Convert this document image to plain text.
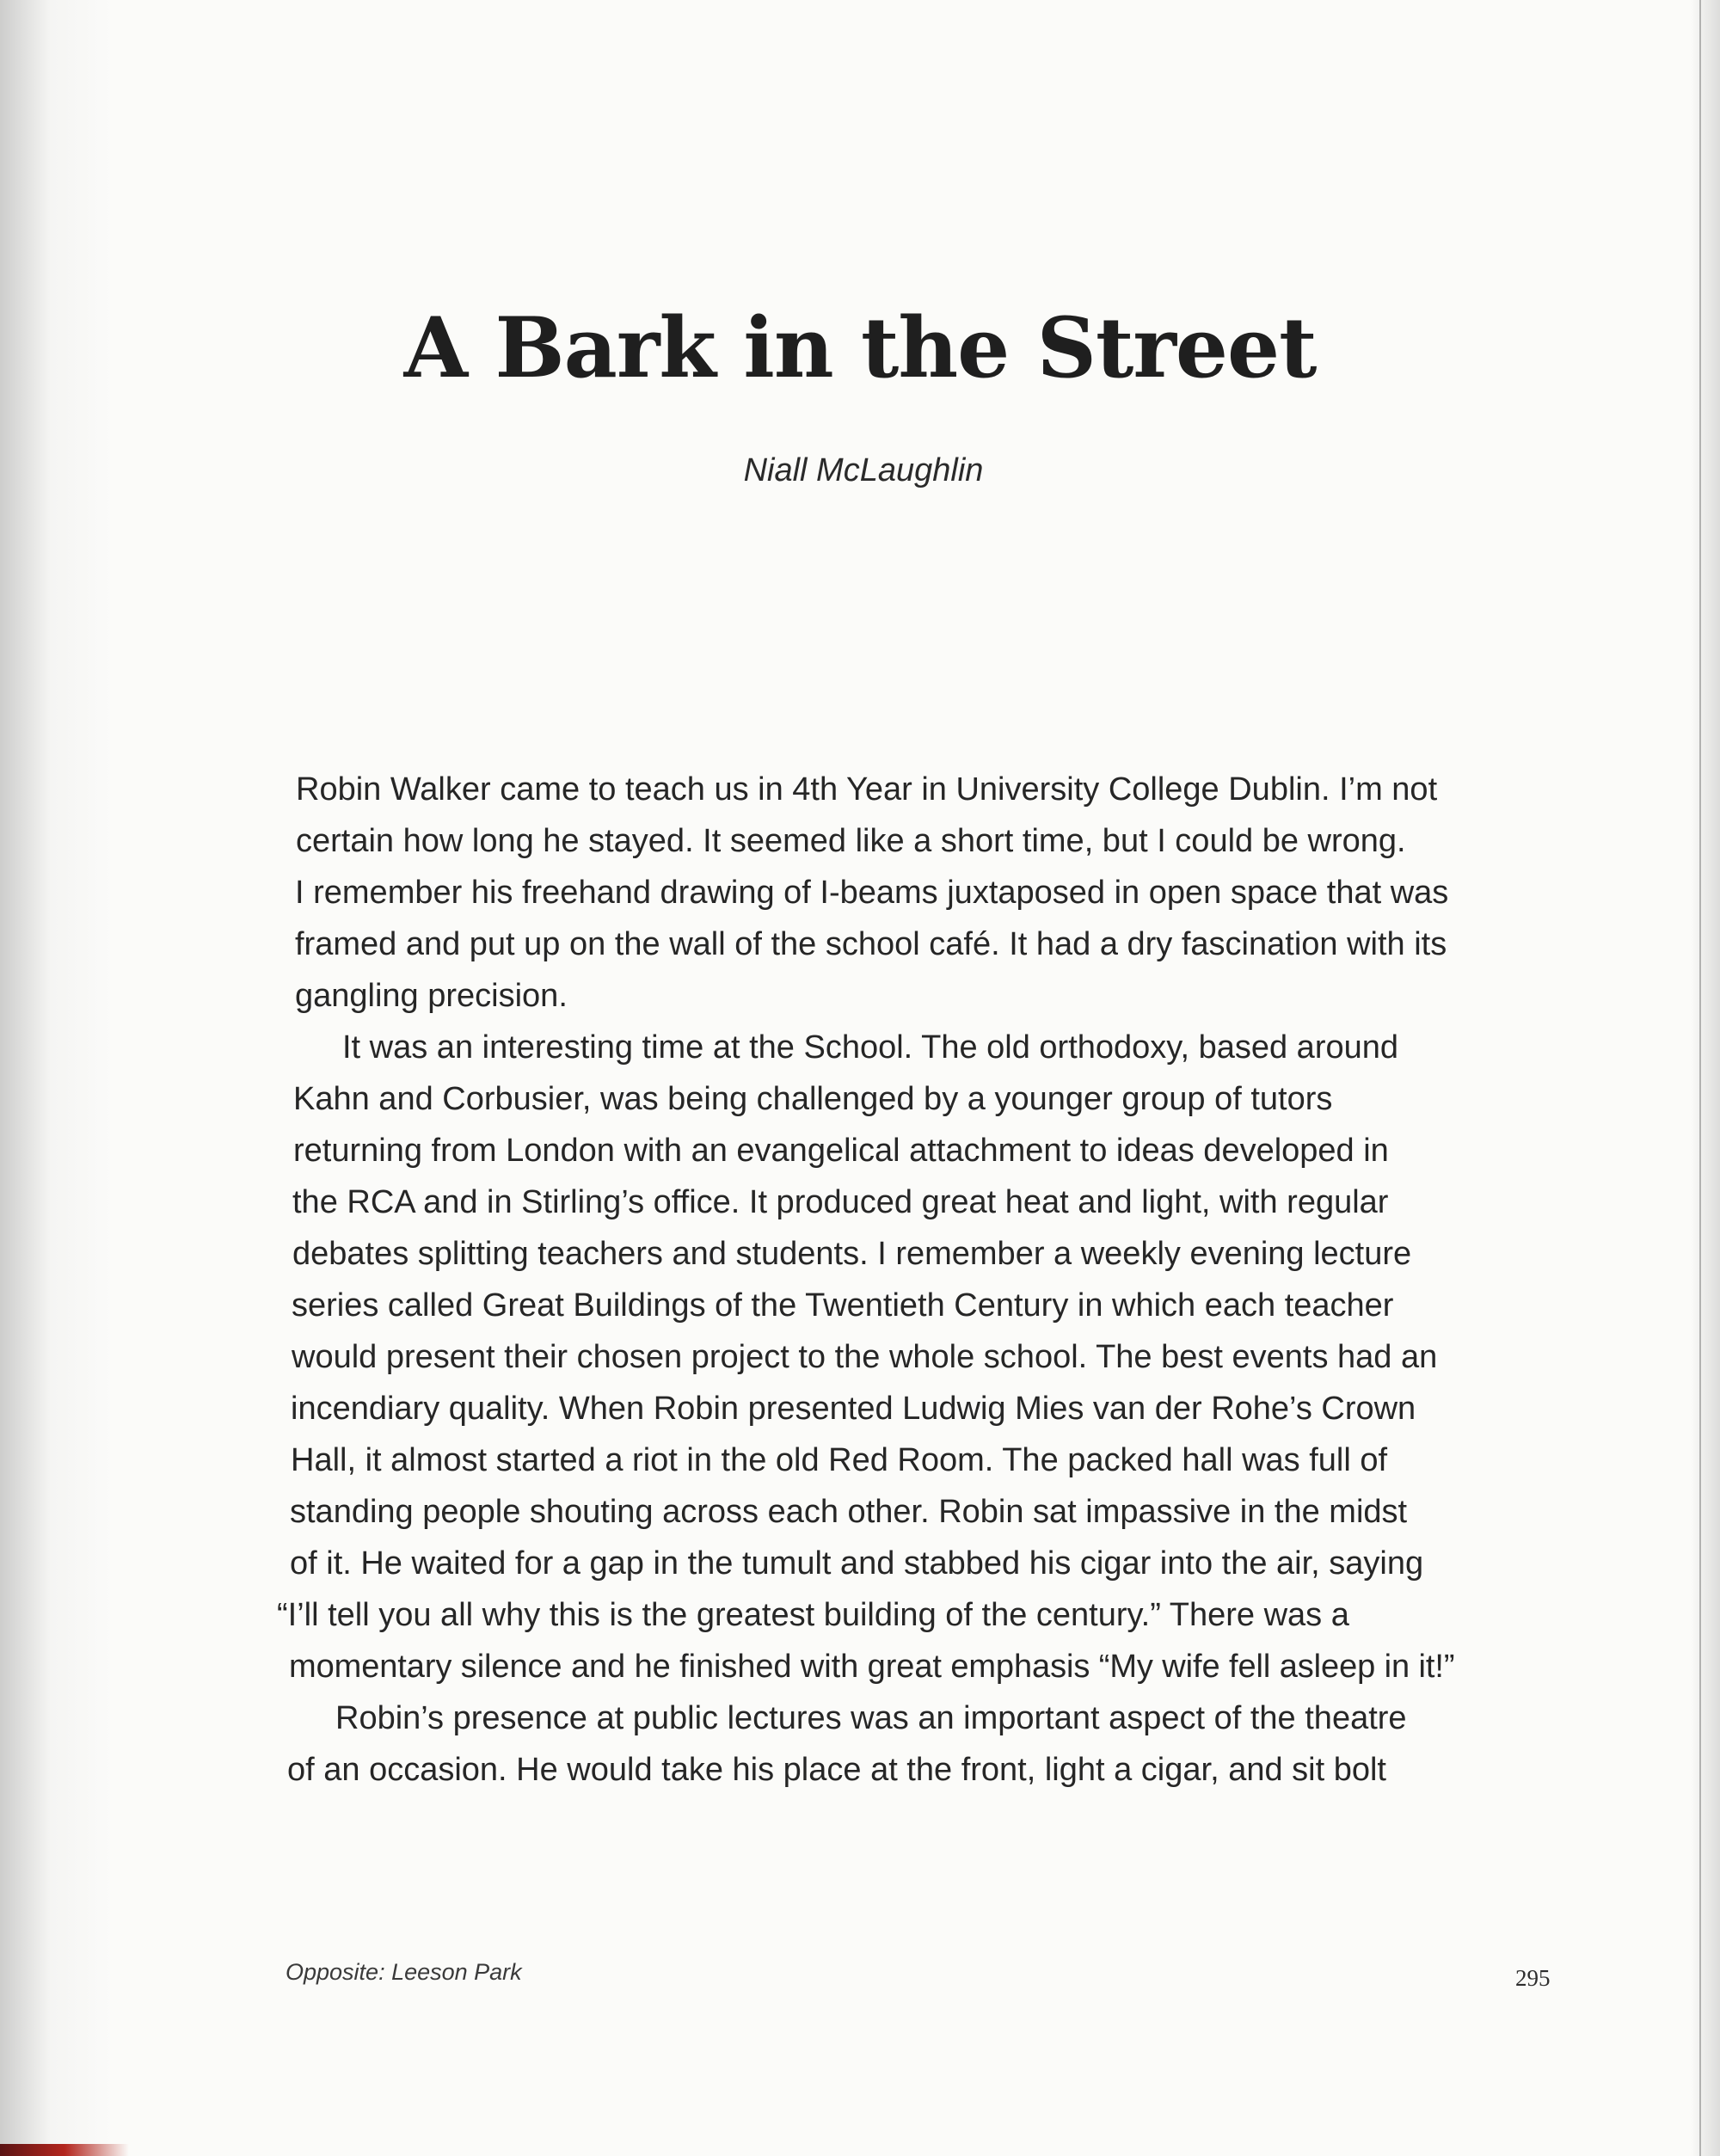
A Bark in the Street

Niall McLaughlin

Robin Walker came to teach us in 4th Year in University College Dublin. I’m not
certain how long he stayed. It seemed like a short time, but I could be wrong.
I remember his freehand drawing of I-beams juxtaposed in open space that was
framed and put up on the wall of the school café. It had a dry fascination with its
gangling precision.
It was an interesting time at the School. The old orthodoxy, based around
Kahn and Corbusier, was being challenged by a younger group of tutors
returning from London with an evangelical attachment to ideas developed in
the RCA and in Stirling’s office. It produced great heat and light, with regular
debates splitting teachers and students. I remember a weekly evening lecture
series called Great Buildings of the Twentieth Century in which each teacher
would present their chosen project to the whole school. The best events had an
incendiary quality. When Robin presented Ludwig Mies van der Rohe’s Crown
Hall, it almost started a riot in the old Red Room. The packed hall was full of
standing people shouting across each other. Robin sat impassive in the midst
of it. He waited for a gap in the tumult and stabbed his cigar into the air, saying
“I’ll tell you all why this is the greatest building of the century.” There was a
momentary silence and he finished with great emphasis “My wife fell asleep in it!”
Robin’s presence at public lectures was an important aspect of the theatre
of an occasion. He would take his place at the front, light a cigar, and sit bolt
Opposite: Leeson Park	295
